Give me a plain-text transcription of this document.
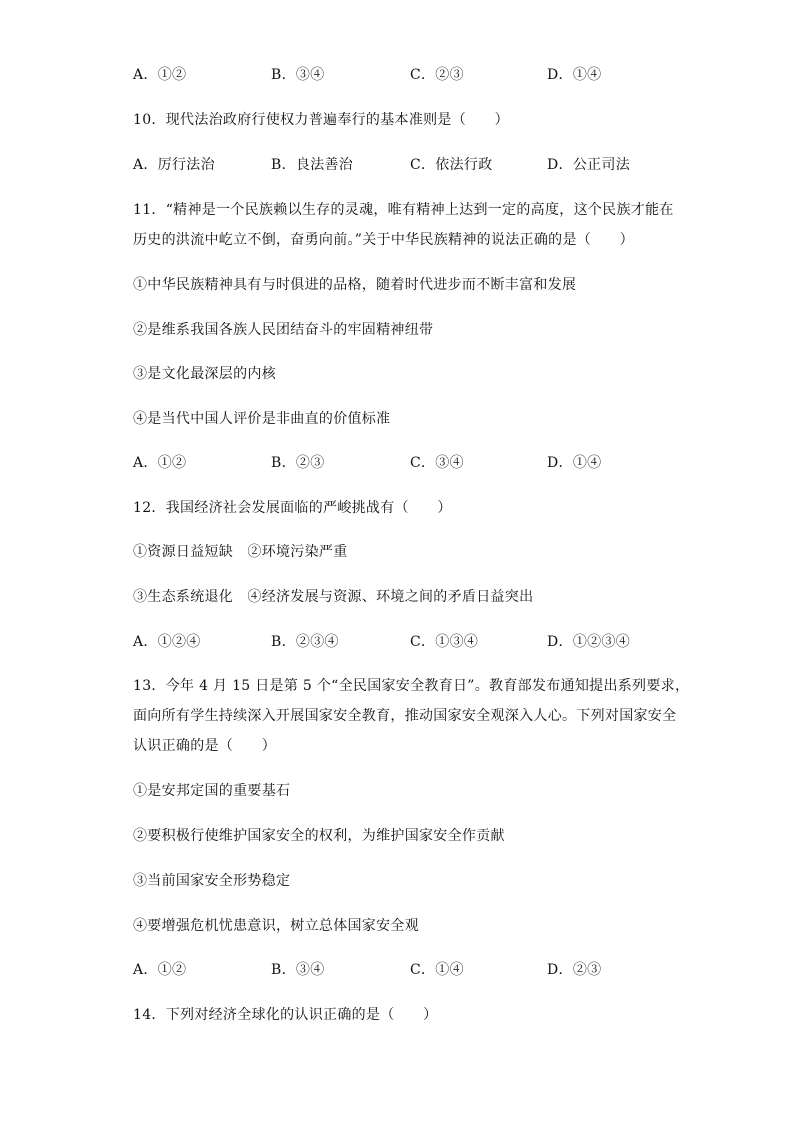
A．①②	B．③④	C．②③	D．①④
10．现代法治政府行使权力普遍奉行的基本准则是（　　）
A．厉行法治	B．良法善治	C．依法行政	D．公正司法
11．“精神是一个民族赖以生存的灵魂，唯有精神上达到一定的高度，这个民族才能在
历史的洪流中屹立不倒，奋勇向前。”关于中华民族精神的说法正确的是（　　）
①中华民族精神具有与时俱进的品格，随着时代进步而不断丰富和发展
②是维系我国各族人民团结奋斗的牢固精神纽带
③是文化最深层的内核
④是当代中国人评价是非曲直的价值标准
A．①②	B．②③	C．③④	D．①④
12．我国经济社会发展面临的严峻挑战有（　　）
①资源日益短缺　②环境污染严重
③生态系统退化　④经济发展与资源、环境之间的矛盾日益突出
A．①②④	B．②③④	C．①③④	D．①②③④
13．今年 4 月 15 日是第 5 个“全民国家安全教育日”。教育部发布通知提出系列要求，
面向所有学生持续深入开展国家安全教育，推动国家安全观深入人心。下列对国家安全
认识正确的是（　　）
①是安邦定国的重要基石
②要积极行使维护国家安全的权利，为维护国家安全作贡献
③当前国家安全形势稳定
④要增强危机忧患意识，树立总体国家安全观
A．①②	B．③④	C．①④	D．②③
14．下列对经济全球化的认识正确的是（　　）
